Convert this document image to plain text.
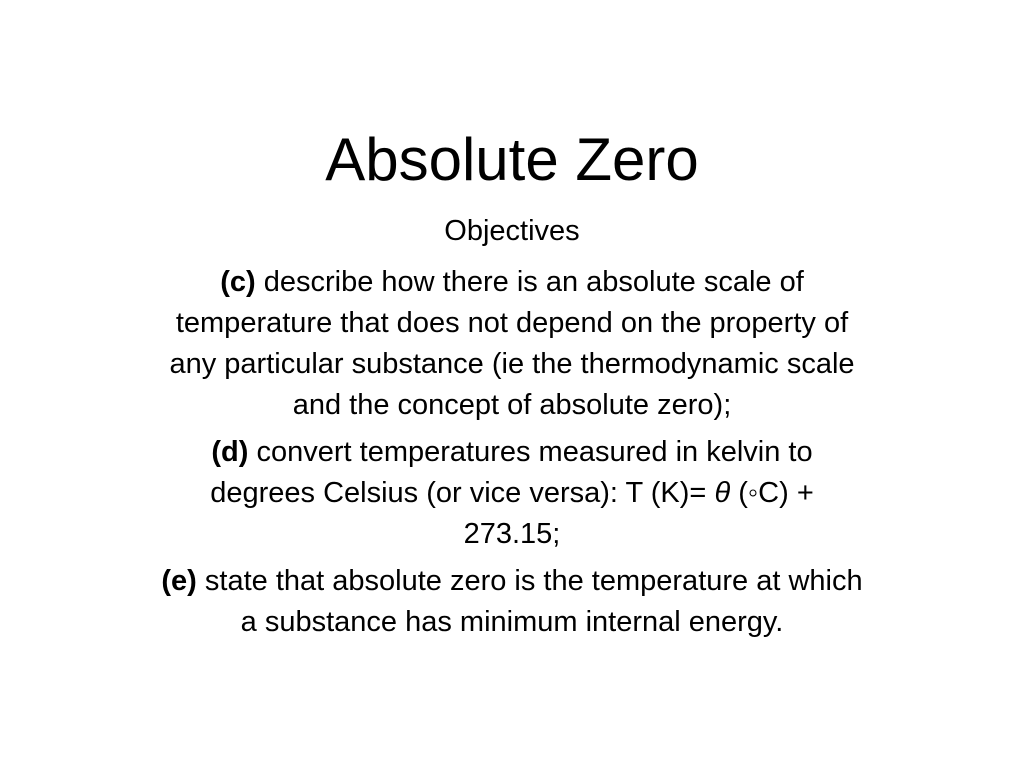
Absolute Zero

Objectives

(c) describe how there is an absolute scale of temperature that does not depend on the property of any particular substance (ie the thermodynamic scale and the concept of absolute zero);

(d) convert temperatures measured in kelvin to degrees Celsius (or vice versa): T (K)= θ (◦C) + 273.15;

(e) state that absolute zero is the temperature at which a substance has minimum internal energy.
